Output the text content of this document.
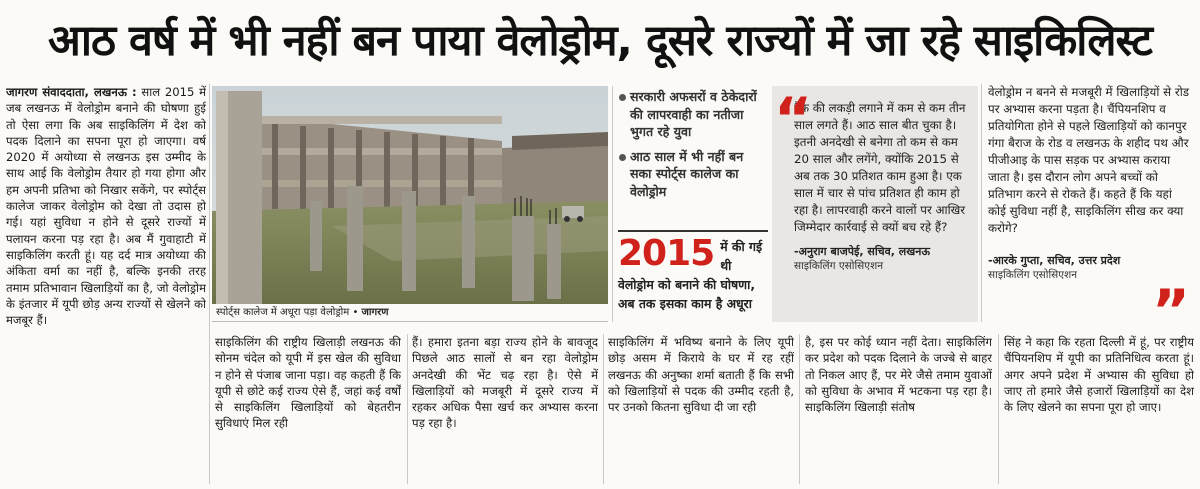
आठ वर्ष में भी नहीं बन पाया वेलोड्रोम, दूसरे राज्यों में जा रहे साइकिलिस्ट
जागरण संवाददाता, लखनऊ : साल 2015 में जब लखनऊ में वेलोड्रोम बनाने की घोषणा हुई तो ऐसा लगा कि अब साइकिलिंग में देश को पदक दिलाने का सपना पूरा हो जाएगा। वर्ष 2020 में अयोध्या से लखनऊ इस उम्मीद के साथ आई कि वेलोड्रोम तैयार हो गया होगा और हम अपनी प्रतिभा को निखार सकेंगे, पर स्पोर्ट्स कालेज जाकर वेलोड्रोम को देखा तो उदास हो गई। यहां सुविधा न होने से दूसरे राज्यों में पलायन करना पड़ रहा है। अब मैं गुवाहाटी में साइकिलिंग करती हूं। यह दर्द मात्र अयोध्या की अंकिता वर्मा का नहीं है, बल्कि इनकी तरह तमाम प्रतिभावान खिलाड़ियों का है, जो वेलोड्रोम के इंतजार में यूपी छोड़ अन्य राज्यों से खेलने को मजबूर हैं।
स्पोर्ट्स कालेज में अधूरा पड़ा वेलोड्रोम • जागरण
सरकारी अफसरों व ठेकेदारों की लापरवाही का नतीजा भुगत रहे युवा
आठ साल में भी नहीं बन सका स्पोर्ट्स कालेज का वेलोड्रोम
2015 में की गई थी वेलोड्रोम को बनाने की घोषणा, अब तक इसका काम है अधूरा
“
ट्रैक की लकड़ी लगाने में कम से कम तीन साल लगते हैं। आठ साल बीत चुका है। इतनी अनदेखी से बनेगा तो कम से कम 20 साल और लगेंगे, क्योंकि 2015 से अब तक 30 प्रतिशत काम हुआ है। एक साल में चार से पांच प्रतिशत ही काम हो रहा है। लापरवाही करने वालों पर आखिर जिम्मेदार कार्रवाई से क्यों बच रहे हैं?
-अनुराग बाजपेई, सचिव, लखनऊ
साइकिलिंग एसोसिएशन
वेलोड्रोम न बनने से मजबूरी में खिलाड़ियों से रोड पर अभ्यास करना पड़ता है। चैंपियनशिप व प्रतियोगिता होने से पहले खिलाड़ियों को कानपुर गंगा बैराज के रोड व लखनऊ के शहीद पथ और पीजीआइ के पास सड़क पर अभ्यास कराया जाता है। इस दौरान लोग अपने बच्चों को प्रतिभाग करने से रोकते हैं। कहते हैं कि यहां कोई सुविधा नहीं है, साइकिलिंग सीख कर क्या करोगे?
-आरके गुप्ता, सचिव, उत्तर प्रदेश
साइकिलिंग एसोसिएशन
”
साइकिलिंग की राष्ट्रीय खिलाड़ी लखनऊ की सोनम चंदेल को यूपी में इस खेल की सुविधा न होने से पंजाब जाना पड़ा। वह कहती हैं कि यूपी से छोटे कई राज्य ऐसे हैं, जहां कई वर्षों से साइकिलिंग खिलाड़ियों को बेहतरीन सुविधाएं मिल रही
हैं। हमारा इतना बड़ा राज्य होने के बावजूद पिछले आठ सालों से बन रहा वेलोड्रोम अनदेखी की भेंट चढ़ रहा है। ऐसे में खिलाड़ियों को मजबूरी में दूसरे राज्य में रहकर अधिक पैसा खर्च कर अभ्यास करना पड़ रहा है।
साइकिलिंग में भविष्य बनाने के लिए यूपी छोड़ असम में किराये के घर में रह रहीं लखनऊ की अनुष्का शर्मा बताती हैं कि सभी को खिलाड़ियों से पदक की उम्मीद रहती है, पर उनको कितना सुविधा दी जा रही
है, इस पर कोई ध्यान नहीं देता। साइकिलिंग कर प्रदेश को पदक दिलाने के जज्बे से बाहर तो निकल आए हैं, पर मेरे जैसे तमाम युवाओं को सुविधा के अभाव में भटकना पड़ रहा है। साइकिलिंग खिलाड़ी संतोष
सिंह ने कहा कि रहता दिल्ली में हूं, पर राष्ट्रीय चैंपियनशिप में यूपी का प्रतिनिधित्व करता हूं। अगर अपने प्रदेश में अभ्यास की सुविधा हो जाए तो हमारे जैसे हजारों खिलाड़ियों का देश के लिए खेलने का सपना पूरा हो जाए।
